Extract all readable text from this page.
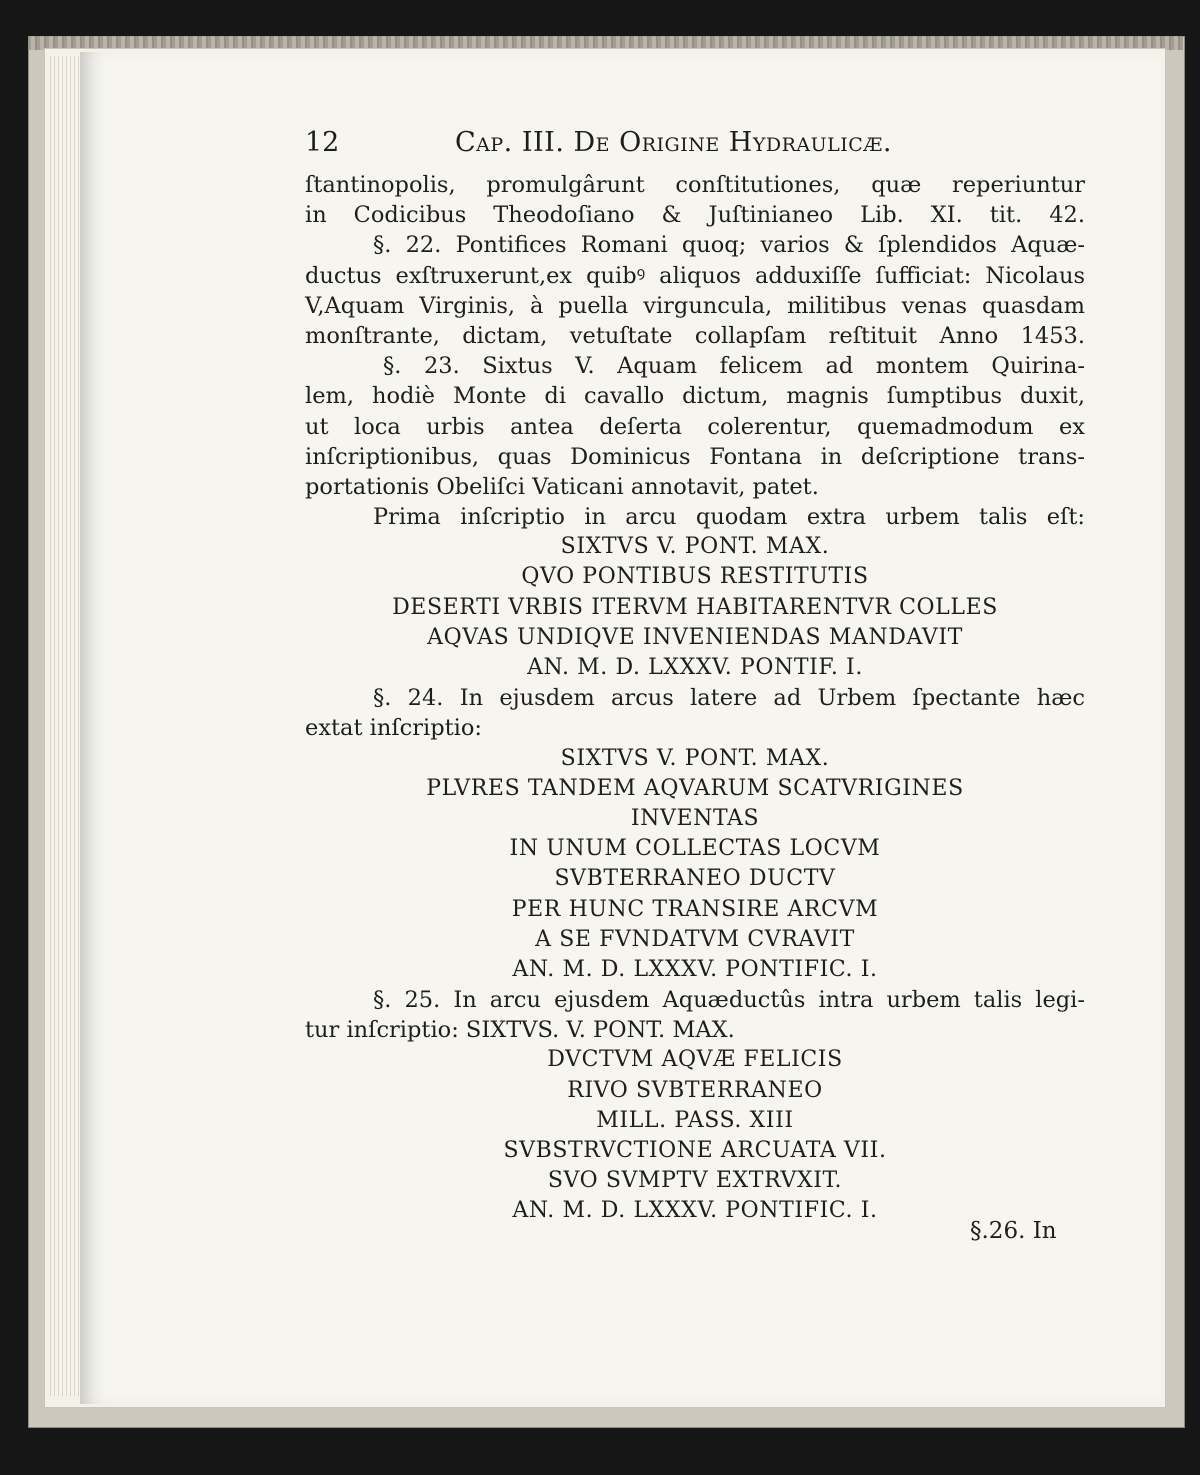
12	Cap. III. De Origine Hydraulicæ.
ſtantinopolis, promulgârunt conſtitutiones, quæ reperiuntur
in Codicibus Theodoſiano & Juſtinianeo Lib. XI. tit. 42.
§. 22. Pontifices Romani quoq; varios & ſplendidos Aquæ-
ductus exſtruxerunt,ex quibꝰ aliquos adduxiſſe ſufficiat: Nicolaus
V,Aquam Virginis, à puella virguncula, militibus venas quasdam
monſtrante, dictam, vetuſtate collapſam reſtituit Anno 1453.
§. 23. Sixtus V. Aquam felicem ad montem Quirina-
lem, hodiè Monte di cavallo dictum, magnis ſumptibus duxit,
ut loca urbis antea deſerta colerentur, quemadmodum ex
inſcriptionibus, quas Dominicus Fontana in deſcriptione trans-
portationis Obeliſci Vaticani annotavit, patet.
Prima inſcriptio in arcu quodam extra urbem talis eſt:
SIXTVS V. PONT. MAX.
QVO PONTIBUS RESTITUTIS
DESERTI VRBIS ITERVM HABITARENTVR COLLES
AQVAS UNDIQVE INVENIENDAS MANDAVIT
AN. M. D. LXXXV. PONTIF. I.
§. 24. In ejusdem arcus latere ad Urbem ſpectante hæc
extat inſcriptio:
SIXTVS V. PONT. MAX.
PLVRES TANDEM AQVARUM SCATVRIGINES
INVENTAS
IN UNUM COLLECTAS LOCVM
SVBTERRANEO DUCTV
PER HUNC TRANSIRE ARCVM
A SE FVNDATVM CVRAVIT
AN. M. D. LXXXV. PONTIFIC. I.
§. 25. In arcu ejusdem Aquæductûs intra urbem talis legi-
tur inſcriptio: SIXTVS. V. PONT. MAX.
DVCTVM AQVÆ FELICIS
RIVO SVBTERRANEO
MILL. PASS. XIII
SVBSTRVCTIONE ARCUATA VII.
SVO SVMPTV EXTRVXIT.
AN. M. D. LXXXV. PONTIFIC. I.
§.26. In
